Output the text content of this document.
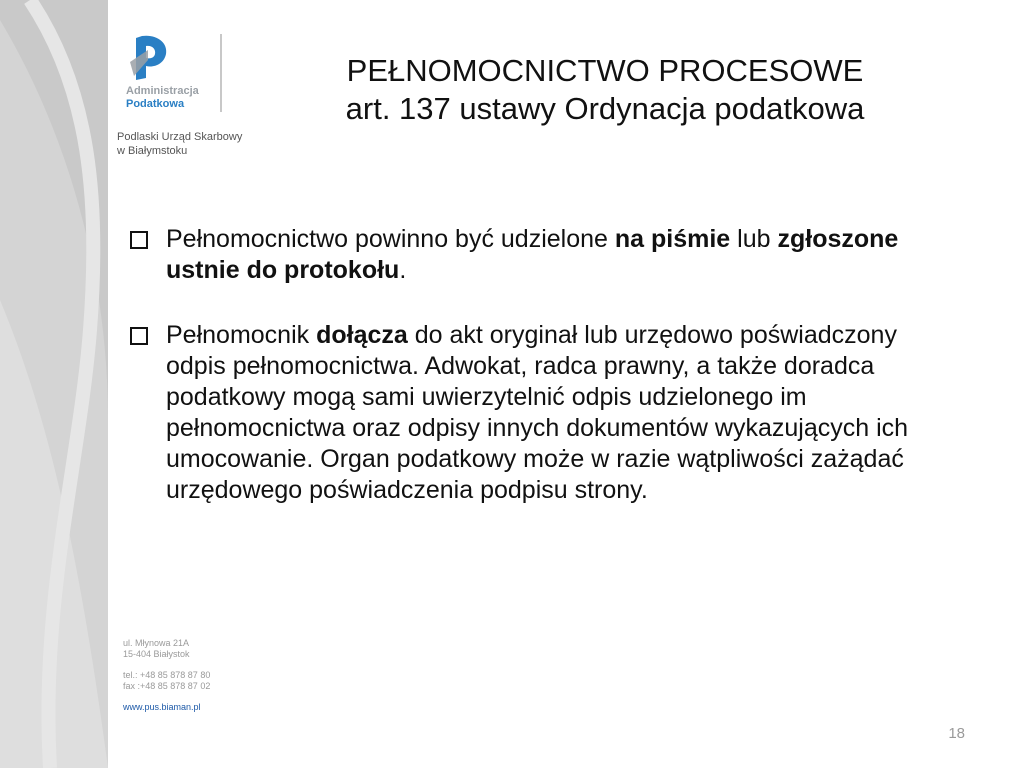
Administracja
Podatkowa
Podlaski Urząd Skarbowy
w Białymstoku
PEŁNOMOCNICTWO PROCESOWE
art. 137 ustawy Ordynacja podatkowa
Pełnomocnictwo powinno być udzielone na piśmie lub zgłoszone ustnie do protokołu.
Pełnomocnik dołącza do akt oryginał lub urzędowo poświadczony odpis pełnomocnictwa. Adwokat, radca prawny, a także doradca podatkowy mogą sami uwierzytelnić odpis udzielonego im pełnomocnictwa oraz odpisy innych dokumentów wykazujących ich umocowanie. Organ podatkowy może w razie wątpliwości zażądać urzędowego poświadczenia podpisu strony.
ul. Młynowa 21A
15-404 Białystok
tel.: +48 85 878 87 80
fax :+48 85 878 87 02
www.pus.biaman.pl
18
